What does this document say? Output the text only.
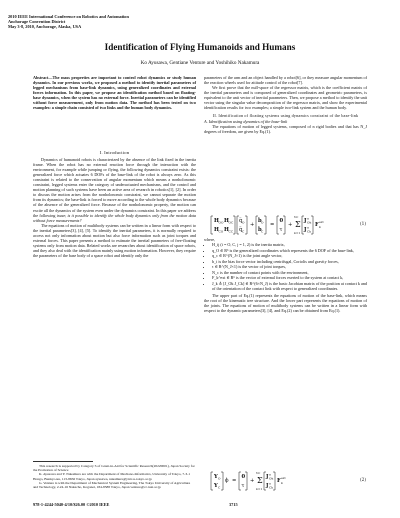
2010 IEEE International Conference on Robotics and Automation
Anchorage Convention District
May 3-8, 2010, Anchorage, Alaska, USA
Identification of Flying Humanoids and Humans
Ko Ayusawa, Gentiane Venture and Yoshihiko Nakamura
Abstract—The mass properties are important to control robot dynamics or study human dynamics. In our previous works, we proposed a method to identify inertial parameters of legged mechanisms from base-link dynamics, using generalized coordinates and external forces information. In this paper, we propose an identification method based on floating-base dynamics, when the system has no external force. Inertial parameters can be identified without force measurement, only from motion data. The method has been tested on two examples: a simple chain consisted of two links and the human body dynamics.
I. Introduction

Dynamics of humanoid robots is characterized by the absence of the link fixed in the inertia frame. When the robot has no external reaction force through the interaction with the environment, for example while jumping or flying, the following dynamics constraint exists: the generalized force which actuates 6 DOFs of the base-link of the robot is always zero. As this constraint is related to the conservation of angular momentum which means a nonholonomic constraint, legged systems enter the category of underactuated mechanisms, and the control and motion planning of such systems have been an active area of research in robotics[1], [2]. In order to discuss the motion arises from the nonholonomic constraint, we cannot separate the motion from its dynamics; the base-link is forced to move according to the whole body dynamics because of the absence of the generalized force. Because of the nonholonomic property, the motion can excite all the dynamics of the system even under the dynamics constraint. In this paper we address the following issue; is it possible to identify the whole body dynamics only from the motion data without force measurements?

The equations of motion of multibody systems can be written in a linear form with respect to the inertial parameters[3], [4], [5]. To identify the inertial parameters, it is normally required to access not only information about motion but also force information such as joint torques and external forces. This paper presents a method to estimate the inertial parameters of free-floating systems only from motion data. Related works are researches about identification of space robots, and they also deal with the identification mainly using motion information. However, they require the parameters of the base body of a space robot and identify only the

This research is supported by Category S of Grant-in-Aid for Scientific Research(20220001), Japan Society for the Promotion of Science
K. Ayusawa and Y. Nakamura are with the Department of Mechano-Informatics, University of Tokyo, 7-3-1 Hongo, Bunkyo-ku, 113-8656 Tokyo, Japan ayusawa, nakamura@ynl.t.u-tokyo.ac.jp
G. Venture is with the Department of Mechanical System Engineering, The Tokyo University of Agriculture and Technology, 2-24-16 Nakacho, Koganei, 184-8588 Tokyo, Japan venture@cc.tuat.ac.jp

parameters of the arm and an object handled by a robot[6], or they measure angular momentum of the reaction wheels used for attitude control of the robot[7].

We first prove that the null-space of the regressor matrix, which is the coefficient matrix of the inertial parameters and is composed of generalized coordinates and geometric parameters, is equivalent to the unit vector of inertial parameters. Then, we propose a method to identify the unit vector using the singular value decomposition of the regressor matrix, and show the experimental identification results for two examples; a simple two-link system and the human body.

II. Identification of floating systems using dynamics constraint of the base-link
A. Identification using dynamics of the base-link

The equations of motion of legged systems, composed of n rigid bodies and that has N_J degrees of freedom, are given by Eq.(1).

H OO H OC
H CO H CC
q̈ O
q̈ C
+
b O
b C
=
0
τ
+ Σ
Nc
k=1
J T
Ok
J T
Ck
F ext
k	(1)
where,
• H_ij (i = O, C, j = 1, 2) is the inertia matrix,
• q_O ∈ R⁶ is the generalized coordinates which represents the 6 DOF of the base-link,
• q_c ∈ R^(N_J×1) is the joint angle vector,
• b_i is the bias force vector including centrifugal, Coriolis and gravity forces,
• τ ∈ R^(N_J×1) is the vector of joint torques,
• N_c is the number of contact points with the environment,
• F_k^ext ∈ R⁶ is the vector of external forces exerted to the system at contact k,
• J_k ≜ [J_Ok J_Ck] ∈ R^(6×N_J) is the basic Jacobian matrix of the position at contact k and of the orientation of the contact link with respect to generalized coordinates.

The upper part of Eq.(1) represents the equations of motion of the base-link, which means the root of the kinematic tree structure. And the lower part represents the equations of motion of the joints. The equations of motion of multibody systems can be written in a linear form with respect to the dynamic parameters[3], [4], and Eq.(2) can be obtained from Eq.(1).

Y O
Y C
ϕ =
0
τ
+ Σ
Nc
k=1
J T
Ok
J T
Ck
F ext
k	(2)
978-1-4244-5040-4/10/$26.00 ©2010 IEEE	3715
